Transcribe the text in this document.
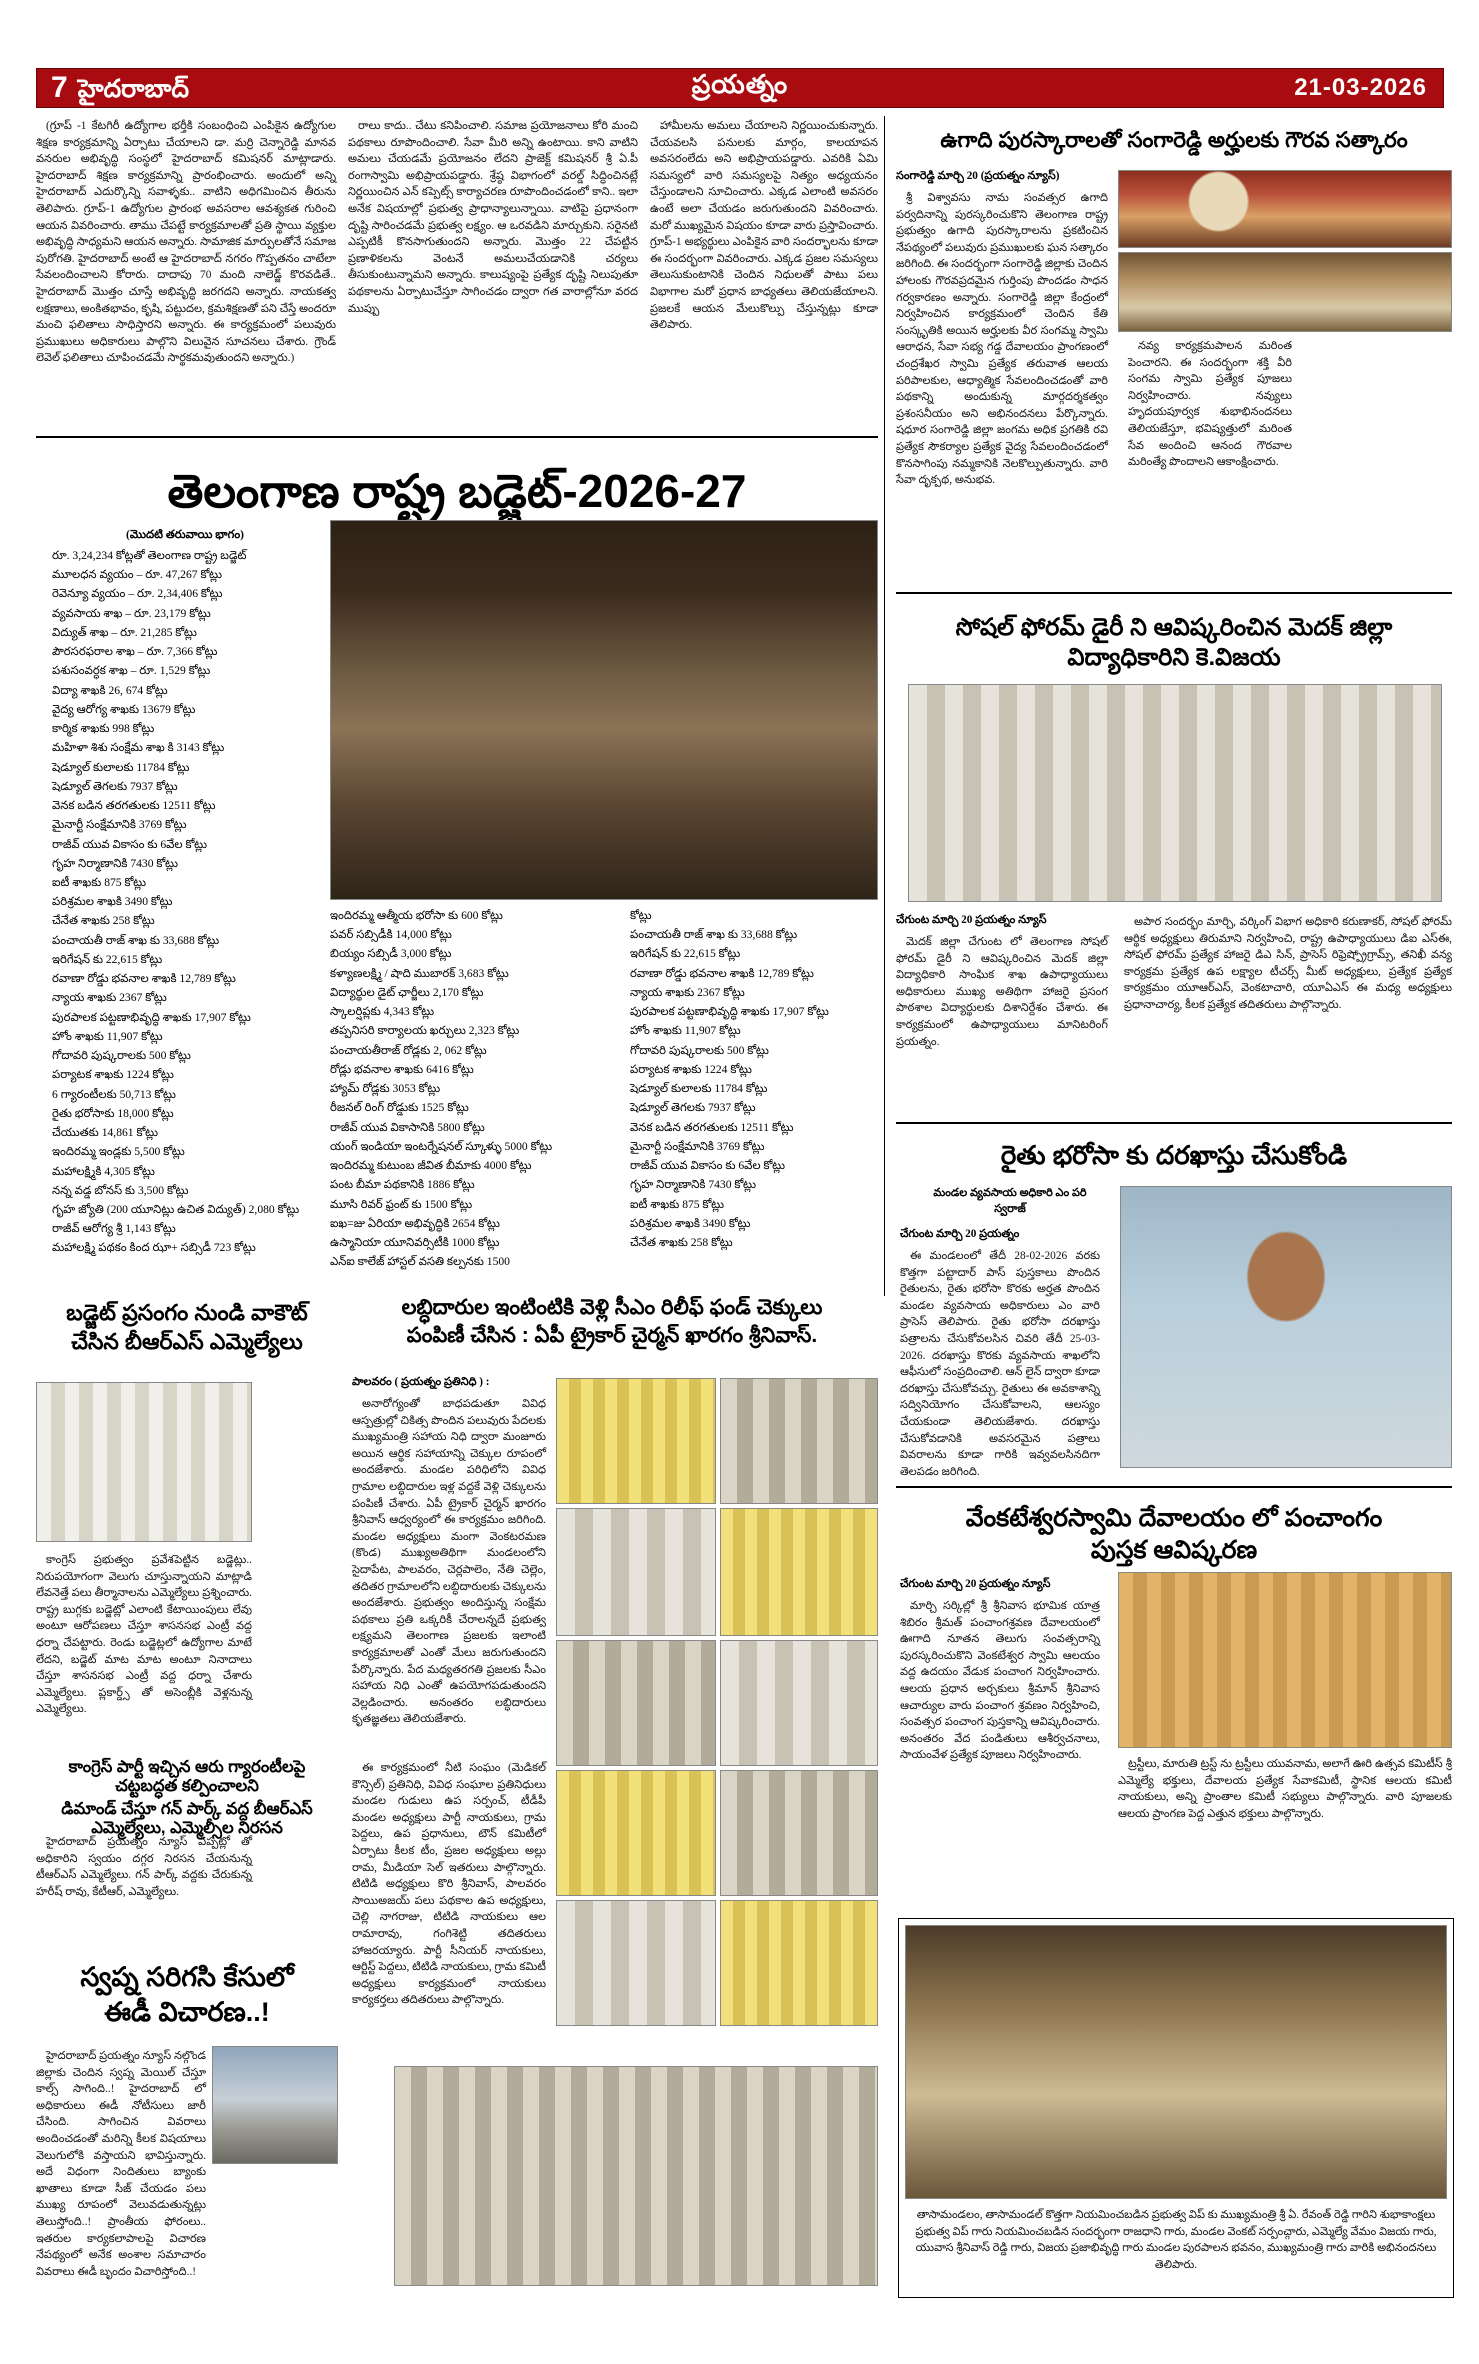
7 హైదరాబాద్	ప్రయత్నం	21-03-2026

(గ్రూప్ -1 కేటగిరీ ఉద్యోగాల భర్తీకి సంబంధించి ఎంపికైన ఉద్యోగుల శిక్షణ కార్యక్రమాన్ని ఏర్పాటు చేయాలని డా. మర్రి చెన్నారెడ్డి మానవ వనరుల అభివృద్ధి సంస్థలో హైదరాబాద్ కమిషనర్ మాట్లాడారు. హైదరాబాద్ శిక్షణ కార్యక్రమాన్ని ప్రారంభించారు. అందులో అన్ని హైదరాబాద్ ఎదుర్కొన్ని సవాళ్ళకు.. వాటిని అధిగమించిన తీరును తెలిపారు. గ్రూప్-1 ఉద్యోగుల ప్రారంభ అవసరాల ఆవశ్యకత గురించి ఆయన వివరించారు. తాము చేపట్టే కార్యక్రమాలతో ప్రతి స్థాయి వ్యక్తుల అభివృద్ధి సాధ్యమని ఆయన అన్నారు. సామాజిక మార్పులతోనే సమాజ పురోగతి. హైదరాబాద్ అంటే ఆ హైదరాబాద్ నగరం గొప్పతనం చాటేలా సేవలందించాలని కోరారు. దాదాపు 70 మంది నాలెడ్జ్ కొరవడితే.. హైదరాబాద్ మొత్తం చూస్తే అభివృద్ధి జరగదని అన్నారు. నాయకత్వ లక్షణాలు, అంకితభావం, కృషి, పట్టుదల, క్రమశిక్షణతో పని చేస్తే అందరూ మంచి ఫలితాలు సాధిస్తారని అన్నారు. ఈ కార్యక్రమంలో పలువురు ప్రముఖులు అధికారులు పాల్గొని విలువైన సూచనలు చేశారు. గ్రౌండ్ లెవెల్ ఫలితాలు చూపించడమే సార్థకమవుతుందని అన్నారు.)

రాలు కాదు.. చేటు కనిపించాలి. సమాజ ప్రయోజనాలు కోరి మంచి పథకాలు రూపొందించాలి. సేవా మీరి అన్ని ఉంటాయి. కాని వాటిని అమలు చేయడమే ప్రయోజనం లేదని ప్రాజెక్ట్ కమిషనర్ శ్రీ ఏ.పీ రంగాస్వామి అభిప్రాయపడ్డారు. శ్రేష్ఠ విభాగంలో వరల్డ్ సిద్ధించినట్లే నిర్ణయించిన ఎన్ కప్పెట్స్ కార్యాచరణ రూపొందించడంలో కాని.. ఇలా అనేక విషయాల్లో ప్రభుత్వ ప్రాధాన్యాలున్నాయి. వాటిపై ప్రధానంగా దృష్టి సారించడమే ప్రభుత్వ లక్ష్యం. ఆ ఒరవడిని మార్చుకుని. సరైనటి ఎప్పటికీ కొనసాగుతుందని అన్నారు. మొత్తం 22 చేపట్టిన ప్రణాళికలను వెంటనే అమలుచేయడానికి చర్యలు తీసుకుంటున్నామని అన్నారు. కాలుష్యంపై ప్రత్యేక దృష్టి నిలుపుతూ పథకాలను ఏర్పాటుచేస్తూ సాగించడం ద్వారా గత వారాల్లోనూ వరద ముప్పు

హామీలను అమలు చేయాలని నిర్ణయించుకున్నారు. చేయవలసి పనులకు మార్గం, కాలయాపన అవసరంలేదు అని అభిప్రాయపడ్డారు. ఎవరికి ఏమి సమస్యలో వారి సమస్యలపై నిత్యం అధ్యయనం చేస్తుండాలని సూచించారు. ఎక్కడ ఎలాంటి అవసరం ఉంటే అలా చేయడం జరుగుతుందని వివరించారు. మరో ముఖ్యమైన విషయం కూడా వారు ప్రస్తావించారు. గ్రూప్-1 అభ్యర్థులు ఎంపికైన వారి సందర్భాలను కూడా ఈ సందర్భంగా వివరించారు. ఎక్కడ ప్రజల సమస్యలు తెలుసుకుంటానికి చెందిన నిధులతో పాటు పలు విభాగాల మరో ప్రధాన బాధ్యతలు తెలియజేయాలని. ప్రజలకే ఆయన మేలుకొల్పు చేస్తున్నట్లు కూడా తెలిపారు.

తెలంగాణ రాష్ట్ర బడ్జెట్-2026-27
(మొదటి తరువాయి భాగం)
రూ. 3,24,234 కోట్లతో తెలంగాణ రాష్ట్ర బడ్జెట్
మూలధన వ్యయం – రూ. 47,267 కోట్లు
రెవెన్యూ వ్యయం – రూ. 2,34,406 కోట్లు
వ్యవసాయ శాఖ – రూ. 23,179 కోట్లు
విద్యుత్ శాఖ – రూ. 21,285 కోట్లు
పౌరసరఫరాల శాఖ – రూ. 7,366 కోట్లు
పశుసంవర్ధక శాఖ – రూ. 1,529 కోట్లు
విద్యా శాఖకి 26, 674 కోట్లు
వైద్య ఆరోగ్య శాఖకు 13679 కోట్లు
కార్మిక శాఖకు 998 కోట్లు
మహిళా శిశు సంక్షేమ శాఖ కి 3143 కోట్లు
షెడ్యూల్ కులాలకు 11784 కోట్లు
షెడ్యూల్ తెగలకు 7937 కోట్లు
వెనక బడిన తరగతులకు 12511 కోట్లు
మైనార్టీ సంక్షేమానికి 3769 కోట్లు
రాజీవ్ యువ వికాసం కు 6వేల కోట్లు
గృహ నిర్మాణానికి 7430 కోట్లు
ఐటీ శాఖకు 875 కోట్లు
పరిశ్రమల శాఖకి 3490 కోట్లు
చేనేత శాఖకు 258 కోట్లు
పంచాయతీ రాజ్ శాఖ కు 33,688 కోట్లు
ఇరిగేషన్ కు 22,615 కోట్లు
రవాణా రోడ్డు భవనాల శాఖకి 12,789 కోట్లు
న్యాయ శాఖకు 2367 కోట్లు
పురపాలక పట్టణాభివృద్ధి శాఖకు 17,907 కోట్లు
హోం శాఖకు 11,907 కోట్లు
గోదావరి పుష్కరాలకు 500 కోట్లు
పర్యాటక శాఖకు 1224 కోట్లు
6 గ్యారంటీలకు 50,713 కోట్లు
రైతు భరోసాకు 18,000 కోట్లు
చేయుతకు 14,861 కోట్లు
ఇందిరమ్మ ఇండ్లకు 5,500 కోట్లు
మహాలక్ష్మికి 4,305 కోట్లు
నన్న వడ్డ బోనస్ కు 3,500 కోట్లు
గృహ జ్యోతి (200 యూనిట్లు ఉచిత విద్యుత్) 2,080 కోట్లు
రాజీవ్ ఆరోగ్య శ్రీ 1,143 కోట్లు
మహాలక్ష్మి పథకం కింద ఝా+ సబ్సిడీ 723 కోట్లు
ఇందిరమ్మ ఆత్మీయ భరోసా కు 600 కోట్లు
పవర్ సబ్సిడీకి 14,000 కోట్లు
బియ్యం సబ్సిడీ 3,000 కోట్లు
కళ్యాణలక్ష్మి / షాది ముబారక్ 3,683 కోట్లు
విద్యార్థుల డైట్ ఛార్జీలు 2,170 కోట్లు
స్కాలర్షిప్లకు 4,343 కోట్లు
తప్పనిసరి కార్యాలయ ఖర్చులు 2,323 కోట్లు
పంచాయతీరాజ్ రోడ్లకు 2, 062 కోట్లు
రోడ్లు భవనాల శాఖకు 6416 కోట్లు
హ్యామ్ రోడ్లకు 3053 కోట్లు
రీజనల్ రింగ్ రోడ్డుకు 1525 కోట్లు
రాజీవ్ యువ వికాసానికి 5800 కోట్లు
యంగ్ ఇండియా ఇంటర్నేషనల్ స్కూళ్ళు 5000 కోట్లు
ఇందిరమ్మ కుటుంబ జీవిత బీమాకు 4000 కోట్లు
పంట బీమా పథకానికి 1886 కోట్లు
మూసి రివర్ ఫ్రంట్ కు 1500 కోట్లు
ఐఖ=జు ఏరియా అభివృద్ధికి 2654 కోట్లు
ఉస్మానియా యూనివర్సిటీకి 1000 కోట్లు
ఎన్ఐ కాలేజ్ హాస్టల్ వసతి కల్పనకు 1500
కోట్లు
పంచాయతీ రాజ్ శాఖ కు 33,688 కోట్లు
ఇరిగేషన్ కు 22,615 కోట్లు
రవాణా రోడ్డు భవనాల శాఖకి 12,789 కోట్లు
న్యాయ శాఖకు 2367 కోట్లు
పురపాలక పట్టణాభివృద్ధి శాఖకు 17,907 కోట్లు
హోం శాఖకు 11,907 కోట్లు
గోదావరి పుష్కరాలకు 500 కోట్లు
పర్యాటక శాఖకు 1224 కోట్లు
షెడ్యూల్ కులాలకు 11784 కోట్లు
షెడ్యూల్ తెగలకు 7937 కోట్లు
వెనక బడిన తరగతులకు 12511 కోట్లు
మైనార్టీ సంక్షేమానికి 3769 కోట్లు
రాజీవ్ యువ వికాసం కు 6వేల కోట్లు
గృహ నిర్మాణానికి 7430 కోట్లు
ఐటీ శాఖకు 875 కోట్లు
పరిశ్రమల శాఖకి 3490 కోట్లు
చేనేత శాఖకు 258 కోట్లు
బడ్జెట్ ప్రసంగం నుండి వాకౌట్
చేసిన బీఆర్ఎస్ ఎమ్మెల్యేలు

కాంగ్రెస్ ప్రభుత్వం ప్రవేశపెట్టిన బడ్జెట్లు.. నిరుపయోగంగా వెలుగు చూస్తున్నాయని మాట్లాడి లేవనెత్తే పలు తీర్మానాలను ఎమ్మెల్యేలు ప్రశ్నించారు. రాష్ట్ర బుగ్గకు బడ్జెట్లో ఎలాంటి కేటాయింపులు లేవు అంటూ ఆరోపణలు చేస్తూ శాసనసభ ఎంట్రీ వద్ద ధర్నా చేపట్టారు. రెండు బడ్జెట్లలో ఉద్యోగాల మాటే లేదని, బడ్జెట్ మాట మాట అంటూ నినాదాలు చేస్తూ శాసనసభ ఎంట్రీ వద్ద ధర్నా చేశారు ఎమ్మెల్యేలు. ప్లకార్డ్స్ తో అసెంబ్లీకి వెళ్లనున్న ఎమ్మెల్యేలు.

కాంగ్రెస్ పార్టీ ఇచ్చిన ఆరు గ్యారంటీలపై చట్టబద్ధత కల్పించాలని
డిమాండ్ చేస్తూ గన్ పార్క్ వద్ద బీఆర్ఎస్ ఎమ్మెల్యేలు, ఎమ్మెల్సీల నిరసన

హైదరాబాద్ ప్రయత్నం న్యూస్ ఎప్పట్లో తో అధికారిని స్వయం దగ్గర నిరసన చేయనున్న టీఆర్ఎస్ ఎమ్మెల్యేలు. గన్ పార్క్ వద్దకు చేరుకున్న హరీష్ రావు, కేటీఆర్, ఎమ్మెల్యేలు.

స్వప్న సరిగసి కేసులో
ఈడీ విచారణ..!

హైదరాబాద్ ప్రయత్నం న్యూస్ నల్గొండ జిల్లాకు చెందిన స్వప్న మెయిల్ చేస్తూ కాల్స్ సాగింది..! హైదరాబాద్ లో అధికారులు ఈడీ నోటీసులు జారీ చేసింది. సాగించిన వివరాలు అందించడంతో మరిన్ని కీలక విషయాలు వెలుగులోకి వస్తాయని భావిస్తున్నారు. అదే విధంగా నిందితులు బ్యాంకు ఖాతాలు కూడా సీజ్ చేయడం పలు ముఖ్య రూపంలో వెలువడుతున్నట్లు తెలుస్తోంది..! ప్రాంతీయ ఫోరంలు.. ఇతరుల కార్యకలాపాలపై విచారణ నేపథ్యంలో అనేక అంశాల సమాచారం వివరాలు ఈడీ బృందం విచారిస్తోంది..!

లబ్ధిదారుల ఇంటింటికి వెళ్లి సీఎం రిలీఫ్ ఫండ్ చెక్కులు
పంపిణీ చేసిన : ఏపీ ట్రైకార్ చైర్మన్ ఖారగం శ్రీనివాస్.
పాలవరం ( ప్రయత్నం ప్రతినిధి ) :

అనారోగ్యంతో బాధపడుతూ వివిధ ఆస్పత్రుల్లో చికిత్స పొందిన పలువురు పేదలకు ముఖ్యమంత్రి సహాయ నిధి ద్వారా మంజూరు అయిన ఆర్థిక సహాయాన్ని చెక్కుల రూపంలో అందజేశారు. మండల పరిధిలోని వివిధ గ్రామాల లబ్ధిదారుల ఇళ్ల వద్దకే వెళ్లి చెక్కులను పంపిణీ చేశారు. ఏపీ ట్రైకార్ చైర్మన్ ఖారగం శ్రీనివాస్ ఆధ్వర్యంలో ఈ కార్యక్రమం జరిగింది. మండల అధ్యక్షులు మంగా వెంకటరమణ (కొండ) ముఖ్యఅతిథిగా మండలంలోని సైదాపేట, పాలవరం, చెర్లపాలెం, నేతి చెల్లెం, తదితర గ్రామాలలోని లబ్ధిదారులకు చెక్కులను అందజేశారు. ప్రభుత్వం అందిస్తున్న సంక్షేమ పథకాలు ప్రతి ఒక్కరికీ చేరాలన్నదే ప్రభుత్వ లక్ష్యమని తెలంగాణ ప్రజలకు ఇలాంటి కార్యక్రమాలతో ఎంతో మేలు జరుగుతుందని పేర్కొన్నారు. పేద మధ్యతరగతి ప్రజలకు సీఎం సహాయ నిధి ఎంతో ఉపయోగపడుతుందని వెల్లడించారు. అనంతరం లబ్ధిదారులు కృతజ్ఞతలు తెలియజేశారు.

ఈ కార్యక్రమంలో నీటి సంఘం (మెడికల్ కౌన్సిల్) ప్రతినిధి, వివిధ సంఘాల ప్రతినిధులు మండల గుడులు ఉప సర్పంచ్, టీడీపీ మండల అధ్యక్షులు పార్టీ నాయకులు, గ్రామ పెద్దలు, ఉప ప్రధానులు, టౌన్ కమిటీలో ఏర్పాటు కీలక టీం, ప్రజల అధ్యక్షులు అల్లు రామ, మీడియా సెల్ ఇతరులు పాల్గొన్నారు. టిటిడి అధ్యక్షులు కొరి శ్రీనివాస్, పాలవరం సాయిఅజయ్ పలు పథకాల ఉప అధ్యక్షులు, చెల్లి నాగరాజు, టిటిడి నాయకులు ఆల రామారావు, గంగిశెట్టి తదితరులు హాజరయ్యారు. పార్టీ సీనియర్ నాయకులు, ఆర్టిస్ట్ పెద్దలు, టిటిడి నాయకులు, గ్రామ కమిటీ అధ్యక్షులు కార్యక్రమంలో నాయకులు కార్యకర్తలు తదితరులు పాల్గొన్నారు.

ఉగాది పురస్కారాలతో సంగారెడ్డి అర్హులకు గౌరవ సత్కారం
సంగారెడ్డి మార్చి 20 (ప్రయత్నం న్యూస్)

శ్రీ విశ్వావసు నామ సంవత్సర ఉగాది పర్వదినాన్ని పురస్కరించుకొని తెలంగాణ రాష్ట్ర ప్రభుత్వం ఉగాది పురస్కారాలను ప్రకటించిన నేపథ్యంలో పలువురు ప్రముఖులకు ఘన సత్కారం జరిగింది. ఈ సందర్భంగా సంగారెడ్డి జిల్లాకు చెందిన హాలంకు గౌరవప్రదమైన గుర్తింపు పొందడం సాధన గర్వకారణం అన్నారు. సంగారెడ్డి జిల్లా కేంద్రంలో నిర్వహించిన కార్యక్రమంలో చెందిన కేతి సంస్కృతికి అయిన అర్హులకు వీర సంగమ్మ స్వామి ఆరాధన, సేవా సభ్య గడ్డ దేవాలయం ప్రాంగణంలో చంద్రశేఖర స్వామి ప్రత్యేక తరువాత ఆలయ పరిపాలకుల, ఆధ్యాత్మిక సేవలందించడంతో వారి పథకాన్ని అందుకున్న మార్గదర్శకత్వం ప్రశంసనీయం అని అభినందనలు పేర్కొన్నారు. షధూర సంగారెడ్డి జిల్లా జంగమ అధిక ప్రగతికి రవి ప్రత్యేక సౌకర్యాల ప్రత్యేక వైద్య సేవలందించడంలో కొనసాగింపు నమ్మకానికి నెలకొల్పుతున్నారు. వారి సేవా దృక్పథ, అనుభవ.

నవ్య కార్యక్రమపాలన మరింత పెంచారని. ఈ సందర్భంగా శక్తి వీరి సంగమ స్వామి ప్రత్యేక పూజలు నిర్వహించారు. నవ్యులు హృదయపూర్వక శుభాభినందనలు తెలియజేస్తూ, భవిష్యత్తులో మరింత సేవ అందించి ఆనంద గౌరవాల మరింత్యే పొందాలని ఆకాంక్షించారు.

సోషల్ ఫోరమ్ డైరీ ని ఆవిష్కరించిన మెదక్ జిల్లా
విద్యాధికారిని కె.విజయ
చేగుంట మార్చి 20 ప్రయత్నం న్యూస్

మెదక్ జిల్లా చేగుంట లో తెలంగాణ సోషల్ ఫోరమ్ డైరీ ని ఆవిష్కరించిన మెదక్ జిల్లా విద్యాధికారి సాంఘిక శాఖ ఉపాధ్యాయులు అధికారులు ముఖ్య అతిథిగా హాజరై ప్రసంగ పాఠశాల విద్యార్థులకు దిశానిర్దేశం చేశారు. ఈ కార్యక్రమంలో ఉపాధ్యాయులు మానిటరింగ్ ప్రయత్నం.

అపార సందర్భం మార్చి, వర్కింగ్ విభాగ అధికారి కరుణాకర్, సోషల్ ఫోరమ్ ఆర్థిక అధ్యక్షులు తిరుమాని నిర్వహించి, రాష్ట్ర ఉపాధ్యాయులు డిఐ ఎస్ఈ, సోషల్ ఫోరమ్ ప్రత్యేక హాజరై డిఎ సిన్, ప్రాసెస్ రిఫ్రెష్ప్రోగ్రామ్స్, తనిఖీ వన్య కార్యక్రమ ప్రత్యేక ఉప లక్ష్యాల టీచర్స్ మీట్ అధ్యక్షులు, ప్రత్యేక ప్రత్యేక కార్యక్రమం యూఆర్ఎస్, వెంకటాచారి, యూఏఎస్ ఈ మధ్య అధ్యక్షులు ప్రధానాచార్య, కీలక ప్రత్యేక తదితరులు పాల్గొన్నారు.

రైతు భరోసా కు దరఖాస్తు చేసుకోండి
మండల వ్యవసాయ అధికారి ఎం పరి
స్వరాజ్
చేగుంట మార్చి 20 ప్రయత్నం

ఈ మండలంలో తేదీ 28-02-2026 వరకు కొత్తగా పట్టాదార్ పాస్ పుస్తకాలు పొందిన రైతులను, రైతు భరోసా కొరకు అర్హత పొందిన మండల వ్యవసాయ అధికారులు ఎం వారి ప్రాసెస్ తెలిపారు. రైతు భరోసా దరఖాస్తు పత్రాలను చేసుకోవలసిన చివరి తేదీ 25-03-2026. దరఖాస్తు కొరకు వ్యవసాయ శాఖలోని ఆఫీసులో సంప్రదించాలి. ఆన్ లైన్ ద్వారా కూడా దరఖాస్తు చేసుకోవచ్చు. రైతులు ఈ అవకాశాన్ని సద్వినియోగం చేసుకోవాలని, ఆలస్యం చేయకుండా తెలియజేశారు. దరఖాస్తు చేసుకోవడానికి అవసరమైన పత్రాలు వివరాలను కూడా గారికి ఇవ్వవలసినదిగా తెలపడం జరిగింది.

వేంకటేశ్వరస్వామి దేవాలయం లో పంచాంగం
పుస్తక ఆవిష్కరణ
చేగుంట మార్చి 20 ప్రయత్నం న్యూస్

మార్చి సర్కిల్లో శ్రీ శ్రీనివాస భూమిక యాత్ర శిబిరం శ్రీమత్ పంచాంగశ్రవణ దేవాలయంలో ఊగాది నూతన తెలుగు సంవత్సరాన్ని పురస్కరించుకొని వెంకటేశ్వర స్వామి ఆలయం వద్ద ఉదయం వేడుక పంచాంగ నిర్వహించారు. ఆలయ ప్రధాన అర్చకులు శ్రీమాన్ శ్రీనివాస ఆచార్యుల వారు పంచాంగ శ్రవణం నిర్వహించి, సంవత్సర పంచాంగ పుస్తకాన్ని ఆవిష్కరించారు. అనంతరం వేద పండితులు ఆశీర్వచనాలు, సాయంవేళ ప్రత్యేక పూజలు నిర్వహించారు.

ట్రస్టీలు, మారుతి ట్రస్ట్ ను ట్రస్టీలు యువనామ, అలాగే ఊరి ఉత్సవ కమిటీస్ శ్రీ ఎమ్మెల్యే భక్తులు, దేవాలయ ప్రత్యేక సేవాకమిటీ, స్థానిక ఆలయ కమిటీ నాయకులు, అన్ని ప్రాంతాల కమిటీ సభ్యులు పాల్గొన్నారు. వారి పూజలకు ఆలయ ప్రాంగణ పెద్ద ఎత్తున భక్తులు పాల్గొన్నారు.

తాసామండలం, తాసామండల్ కొత్తగా నియమించబడిన ప్రభుత్వ విప్ కు ముఖ్యమంత్రి శ్రీ ఏ. రేవంత్ రెడ్డి గారిని శుభాకాంక్షలు ప్రభుత్వ విప్ గారు నియమించబడిన సందర్భంగా రాజధాని గారు, మండల వెంకట్ సర్పంచ్గారు, ఎమ్మెల్యే వేమం విజయ గారు, యువాస శ్రీనివాస్ రెడ్డి గారు, విజయ ప్రజాభివృద్ధి గారు మండల పురపాలన భవనం, ముఖ్యమంత్రి గారు వారికి అభినందనలు తెలిపారు.
